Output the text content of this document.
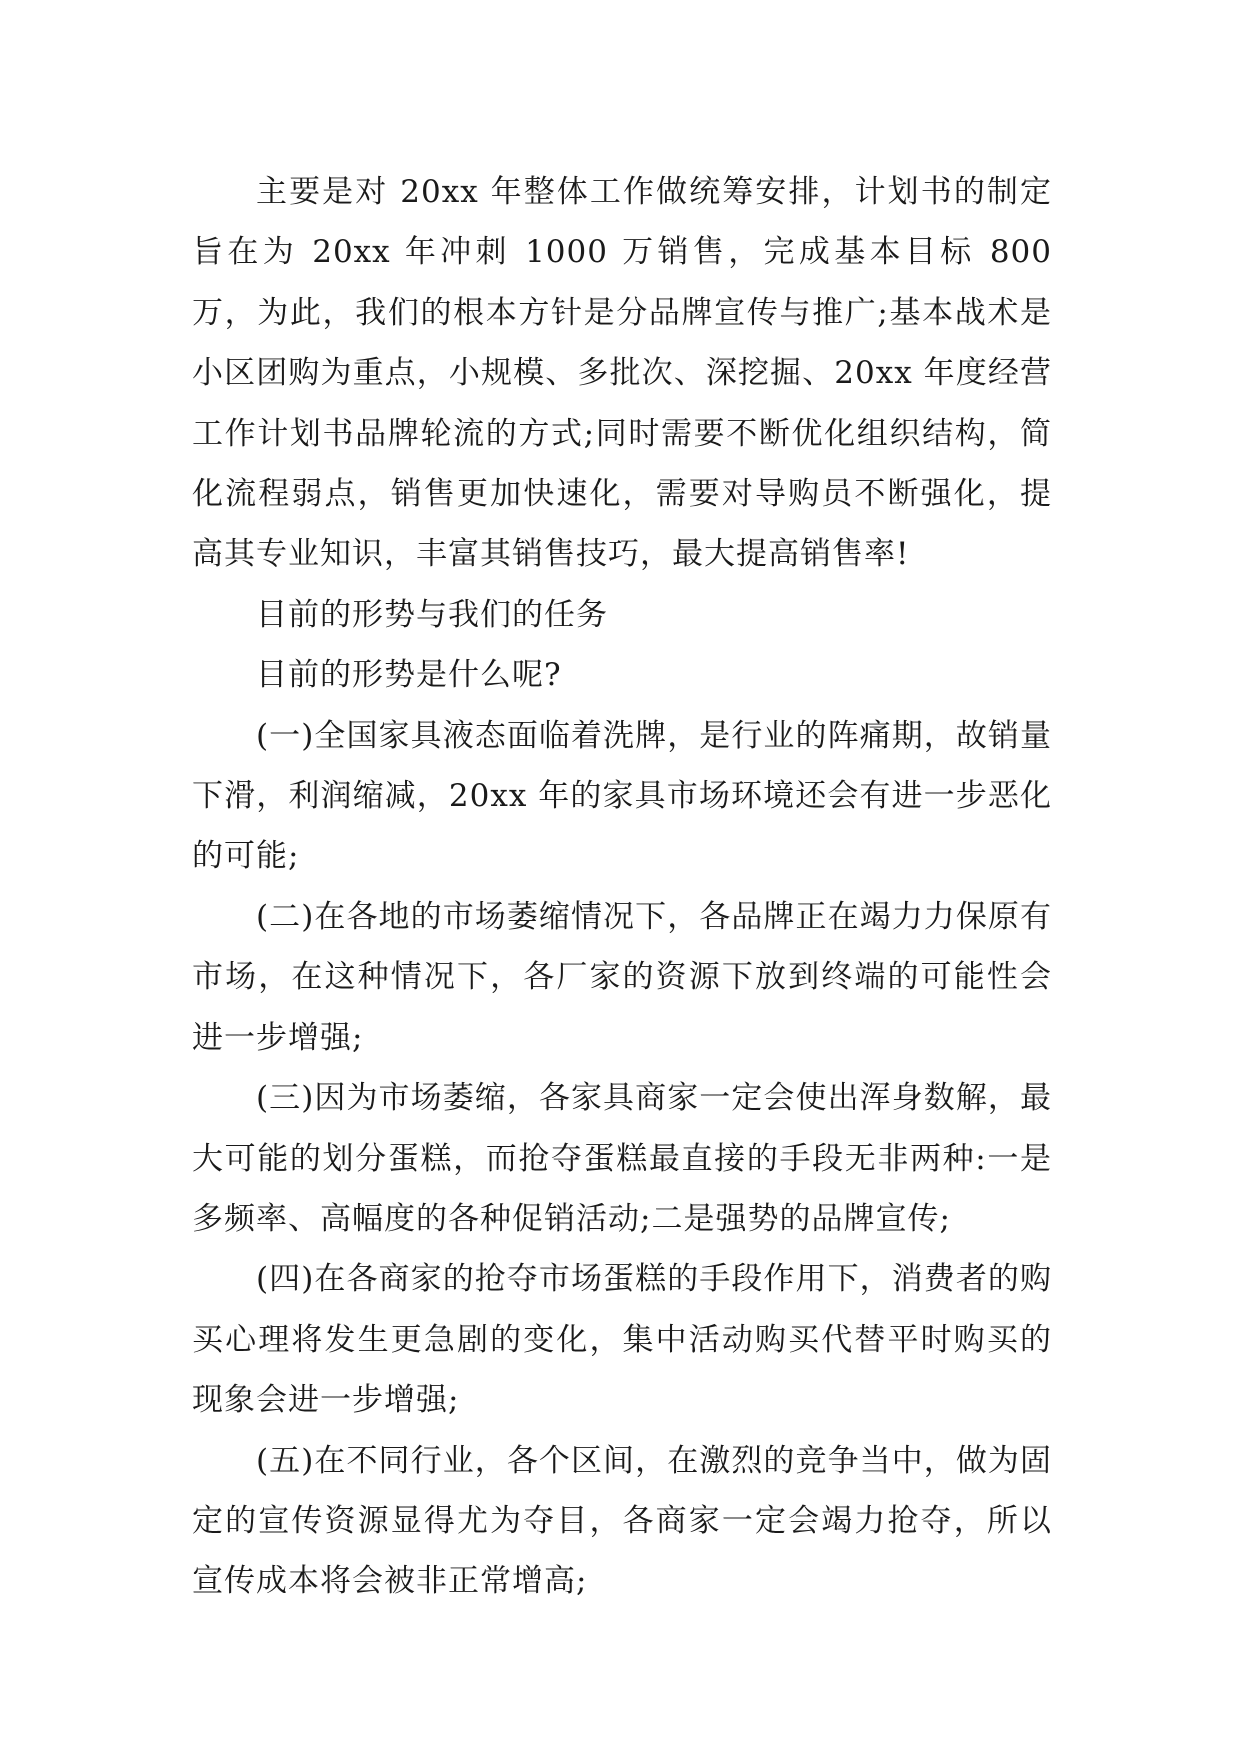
主要是对 20xx 年整体工作做统筹安排，计划书的制定旨在为 20xx 年冲刺 1000 万销售，完成基本目标 800 万，为此，我们的根本方针是分品牌宣传与推广;基本战术是小区团购为重点，小规模、多批次、深挖掘、20xx 年度经营工作计划书品牌轮流的方式;同时需要不断优化组织结构，简化流程弱点，销售更加快速化，需要对导购员不断强化，提高其专业知识，丰富其销售技巧，最大提高销售率!

目前的形势与我们的任务

目前的形势是什么呢?

(一)全国家具液态面临着洗牌，是行业的阵痛期，故销量下滑，利润缩减，20xx 年的家具市场环境还会有进一步恶化的可能;

(二)在各地的市场萎缩情况下，各品牌正在竭力力保原有市场，在这种情况下，各厂家的资源下放到终端的可能性会进一步增强;

(三)因为市场萎缩，各家具商家一定会使出浑身数解，最大可能的划分蛋糕，而抢夺蛋糕最直接的手段无非两种:一是多频率、高幅度的各种促销活动;二是强势的品牌宣传;

(四)在各商家的抢夺市场蛋糕的手段作用下，消费者的购买心理将发生更急剧的变化，集中活动购买代替平时购买的现象会进一步增强;

(五)在不同行业，各个区间，在激烈的竞争当中，做为固定的宣传资源显得尤为夺目，各商家一定会竭力抢夺，所以宣传成本将会被非正常增高;
